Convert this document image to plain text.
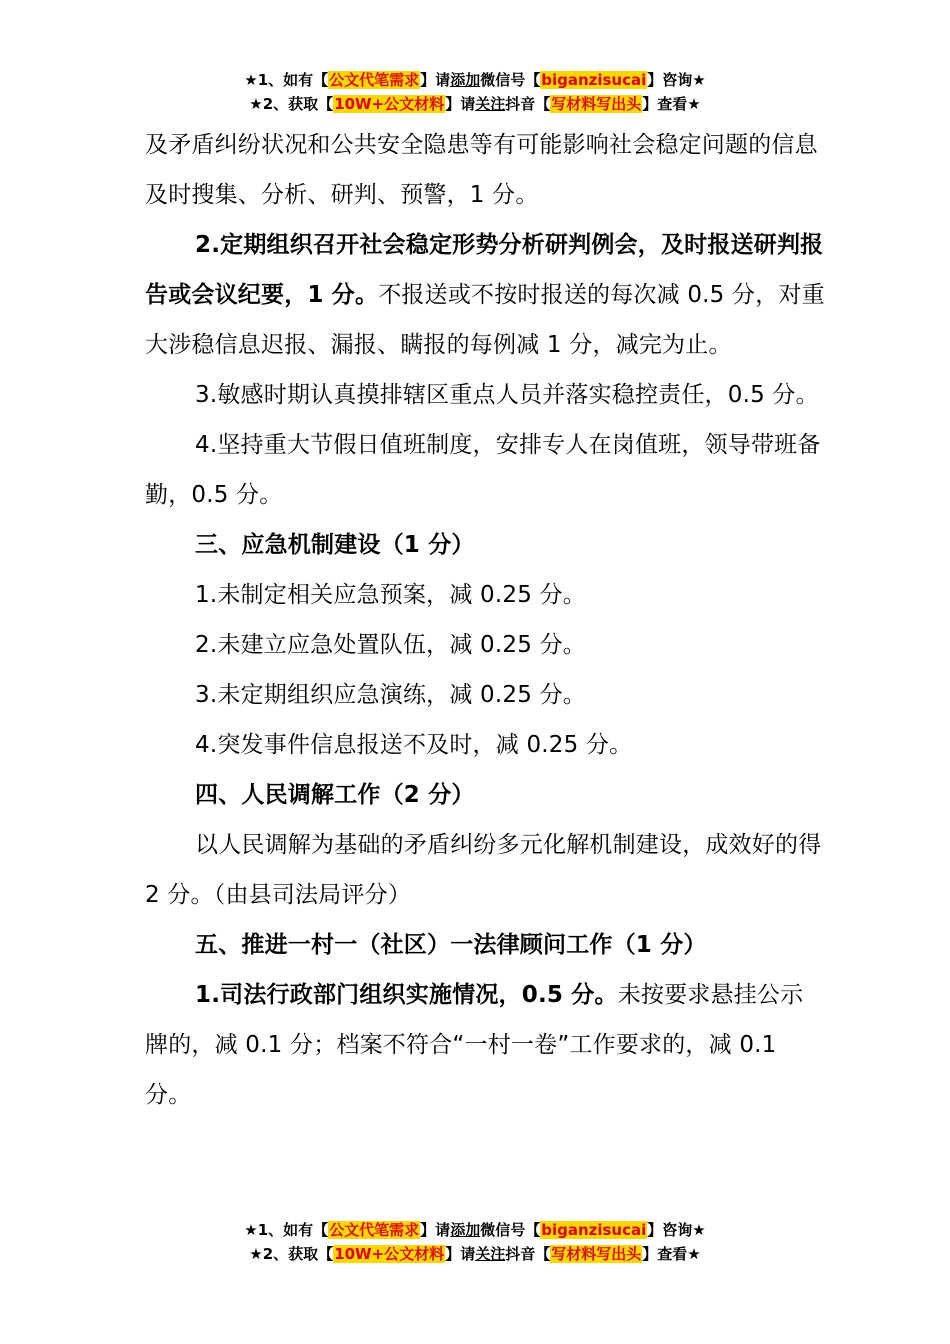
★1、如有【公文代笔需求】请添加微信号【biganzisucai】咨询★
★2、获取【10W+公文材料】请关注抖音【写材料写出头】查看★

及矛盾纠纷状况和公共安全隐患等有可能影响社会稳定问题的信息及时搜集、分析、研判、预警，1 分。

2.定期组织召开社会稳定形势分析研判例会，及时报送研判报告或会议纪要，1 分。不报送或不按时报送的每次减 0.5 分，对重大涉稳信息迟报、漏报、瞒报的每例减 1 分，减完为止。

3.敏感时期认真摸排辖区重点人员并落实稳控责任，0.5 分。

4.坚持重大节假日值班制度，安排专人在岗值班，领导带班备勤，0.5 分。

三、应急机制建设（1 分）

1.未制定相关应急预案，减 0.25 分。

2.未建立应急处置队伍，减 0.25 分。

3.未定期组织应急演练，减 0.25 分。

4.突发事件信息报送不及时，减 0.25 分。

四、人民调解工作（2 分）

以人民调解为基础的矛盾纠纷多元化解机制建设，成效好的得 2 分。（由县司法局评分）

五、推进一村一（社区）一法律顾问工作（1 分）

1.司法行政部门组织实施情况，0.5 分。未按要求悬挂公示牌的，减 0.1 分；档案不符合“一村一卷”工作要求的，减 0.1 分。

★1、如有【公文代笔需求】请添加微信号【biganzisucai】咨询★
★2、获取【10W+公文材料】请关注抖音【写材料写出头】查看★
